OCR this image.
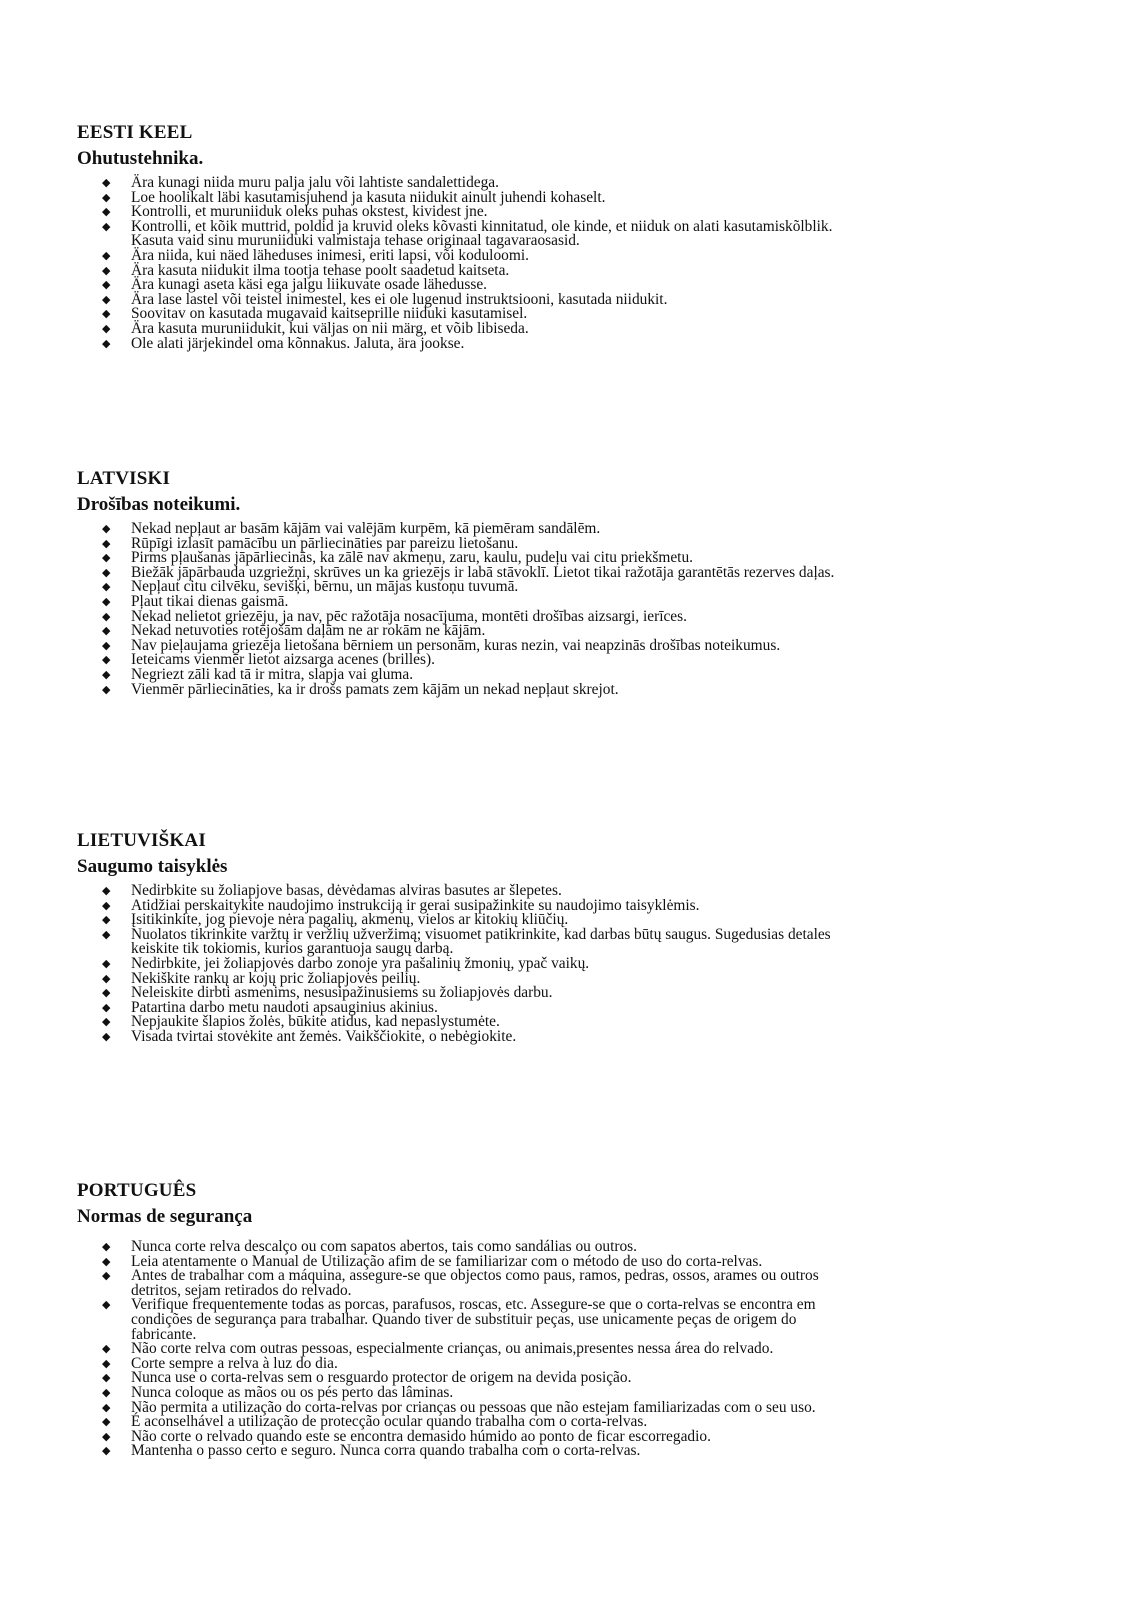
EESTI KEEL
Ohutustehnika.
◆ Ära kunagi niida muru palja jalu või lahtiste sandalettidega.
◆ Loe hoolikalt läbi kasutamisjuhend ja kasuta niidukit ainult juhendi kohaselt.
◆ Kontrolli, et muruniiduk oleks puhas okstest, kividest jne.
◆ Kontrolli, et kõik muttrid, poldid ja kruvid oleks kõvasti kinnitatud, ole kinde, et niiduk on alati kasutamiskõlblik.
Kasuta vaid sinu muruniiduki valmistaja tehase originaal tagavaraosasid.
◆ Ära niida, kui näed läheduses inimesi, eriti lapsi, või koduloomi.
◆ Ära kasuta niidukit ilma tootja tehase poolt saadetud kaitseta.
◆ Ära kunagi aseta käsi ega jalgu liikuvate osade lähedusse.
◆ Ära lase lastel või teistel inimestel, kes ei ole lugenud instruktsiooni, kasutada niidukit.
◆ Soovitav on kasutada mugavaid kaitseprille niiduki kasutamisel.
◆ Ära kasuta muruniidukit, kui väljas on nii märg, et võib libiseda.
◆ Ole alati järjekindel oma kõnnakus. Jaluta, ära jookse.
LATVISKI
Drošības noteikumi.
◆ Nekad nepļaut ar basām kājām vai valējām kurpēm, kā piemēram sandālēm.
◆ Rūpīgi izlasīt pamācību un pārliecināties par pareizu lietošanu.
◆ Pirms pļaušanas jāpārliecinās, ka zālē nav akmeņu, zaru, kaulu, pudeļu vai citu priekšmetu.
◆ Biežāk jāpārbauda uzgriežņi, skrūves un ka griezējs ir labā stāvoklī. Lietot tikai ražotāja garantētās rezerves daļas.
◆ Nepļaut citu cilvēku, sevišķi, bērnu, un mājas kustoņu tuvumā.
◆ Pļaut tikai dienas gaismā.
◆ Nekad nelietot griezēju, ja nav, pēc ražotāja nosacījuma, montēti drošības aizsargi, ierīces.
◆ Nekad netuvoties rotējošām daļām ne ar rokām ne kājām.
◆ Nav pieļaujama griezēja lietošana bērniem un personām, kuras nezin, vai neapzinās drošības noteikumus.
◆ Ieteicams vienmēr lietot aizsarga acenes (brilles).
◆ Negriezt zāli kad tā ir mitra, slapja vai gluma.
◆ Vienmēr pārliecināties, ka ir drošs pamats zem kājām un nekad nepļaut skrejot.
LIETUVIŠKAI
Saugumo taisyklės
◆ Nedirbkite su žoliapjove basas, dėvėdamas alviras basutes ar šlepetes.
◆ Atidžiai perskaitykite naudojimo instrukciją ir gerai susipažinkite su naudojimo taisyklėmis.
◆ Įsitikinkite, jog pievoje nėra pagalių, akmenų, vielos ar kitokių kliūčių.
◆ Nuolatos tikrinkite varžtų ir veržlių užveržimą; visuomet patikrinkite, kad darbas būtų saugus. Sugedusias detales
keiskite tik tokiomis, kurios garantuoja saugų darbą.
◆ Nedirbkite, jei žoliapjovės darbo zonoje yra pašalinių žmonių, ypač vaikų.
◆ Nekiškite rankų ar kojų pric žoliapjovės peilių.
◆ Neleiskite dirbti asmenims, nesusipažinusiems su žoliapjovės darbu.
◆ Patartina darbo metu naudoti apsauginius akinius.
◆ Nepjaukite šlapios žolės, būkite atidus, kad nepaslystumėte.
◆ Visada tvirtai stovėkite ant žemės. Vaikščiokite, o nebėgiokite.
PORTUGUÊS
Normas de segurança
◆ Nunca corte relva descalço ou com sapatos abertos, tais como sandálias ou outros.
◆ Leia atentamente o Manual de Utilização afim de se familiarizar com o método de uso do corta-relvas.
◆ Antes de trabalhar com a máquina, assegure-se que objectos como paus, ramos, pedras, ossos, arames ou outros
detritos, sejam retirados do relvado.
◆ Verifique frequentemente todas as porcas, parafusos, roscas, etc. Assegure-se que o corta-relvas se encontra em
condições de segurança para trabalhar. Quando tiver de substituir peças, use unicamente peças de origem do
fabricante.
◆ Não corte relva com outras pessoas, especialmente crianças, ou animais,presentes nessa área do relvado.
◆ Corte sempre a relva à luz do dia.
◆ Nunca use o corta-relvas sem o resguardo protector de origem na devida posição.
◆ Nunca coloque as mãos ou os pés perto das lâminas.
◆ Não permita a utilização do corta-relvas por crianças ou pessoas que não estejam familiarizadas com o seu uso.
◆ É aconselhável a utilização de protecção ocular quando trabalha com o corta-relvas.
◆ Não corte o relvado quando este se encontra demasido húmido ao ponto de ficar escorregadio.
◆ Mantenha o passo certo e seguro. Nunca corra quando trabalha com o corta-relvas.
